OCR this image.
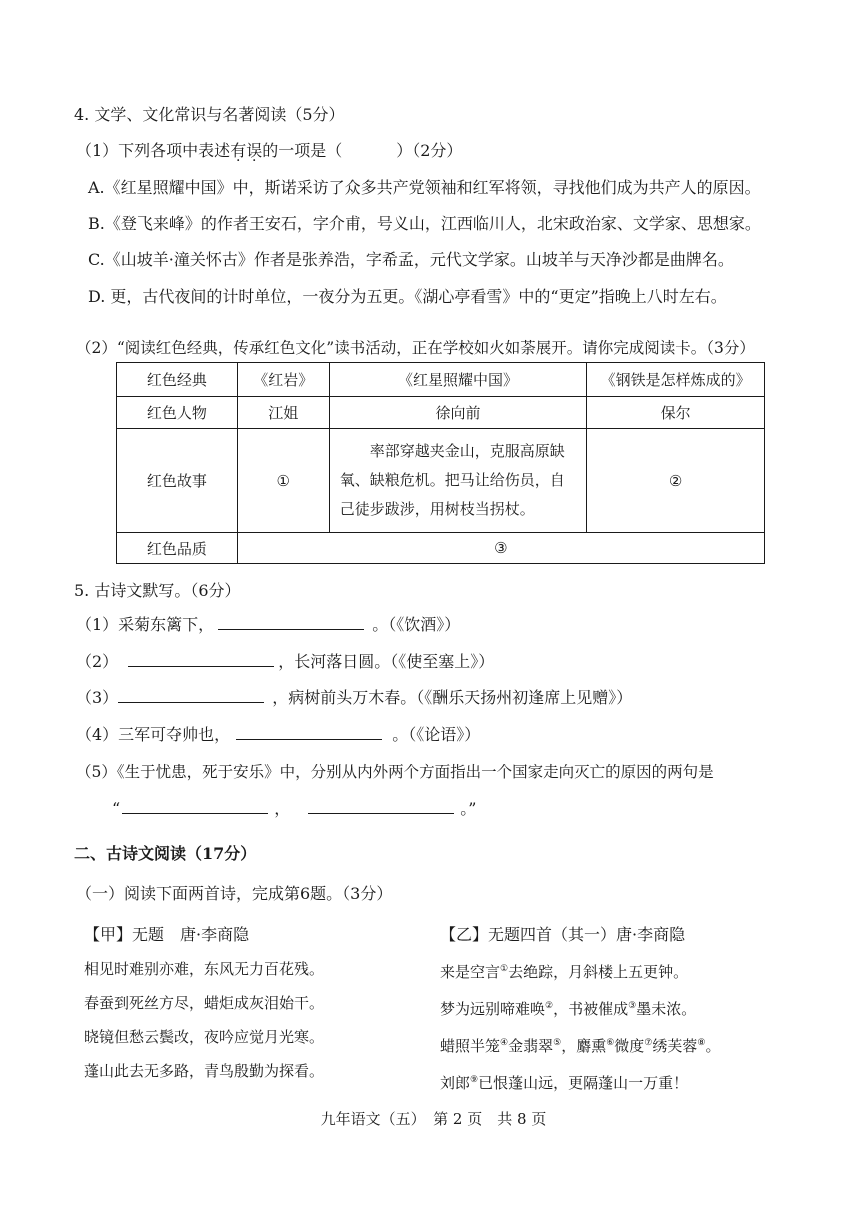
4. 文学、文化常识与名著阅读（5分）
（1）下列各项中表述有误的一项是（	）（2分）
A.《红星照耀中国》中，斯诺采访了众多共产党领袖和红军将领，寻找他们成为共产人的原因。
B.《登飞来峰》的作者王安石，字介甫，号义山，江西临川人，北宋政治家、文学家、思想家。
C.《山坡羊·潼关怀古》作者是张养浩，字希孟，元代文学家。山坡羊与天净沙都是曲牌名。
D. 更，古代夜间的计时单位，一夜分为五更。《湖心亭看雪》中的“更定”指晚上八时左右。
（2）“阅读红色经典，传承红色文化”读书活动，正在学校如火如荼展开。请你完成阅读卡。（3分）
红色经典	《红岩》	《红星照耀中国》	《钢铁是怎样炼成的》
红色人物	江姐	徐向前	保尔
红色故事	①	率部穿越夹金山，克服高原缺

氧、缺粮危机。把马让给伤员，自

己徒步跋涉，用树枝当拐杖。	②
红色品质	③		
5. 古诗文默写。（6分）
（1）采菊东篱下，	。（《饮酒》）
（2）	，长河落日圆。（《使至塞上》）
（3）	，病树前头万木春。（《酬乐天扬州初逢席上见赠》）
（4）三军可夺帅也，	。（《论语》）
（5）《生于忧患，死于安乐》中，分别从内外两个方面指出一个国家走向灭亡的原因的两句是
“	，	。”
二、古诗文阅读（17分）
（一）阅读下面两首诗，完成第6题。（3分）
【甲】无题　唐·李商隐
相见时难别亦难，东风无力百花残。
春蚕到死丝方尽，蜡炬成灰泪始干。
晓镜但愁云鬓改，夜吟应觉月光寒。
蓬山此去无多路，青鸟殷勤为探看。
【乙】无题四首（其一）唐·李商隐
来是空言①去绝踪，月斜楼上五更钟。
梦为远别啼难唤②，书被催成③墨未浓。
蜡照半笼④金翡翠⑤，麝熏⑥微度⑦绣芙蓉⑧。
刘郎⑨已恨蓬山远，更隔蓬山一万重！
九年语文（五）　第 2 页　共 8 页
